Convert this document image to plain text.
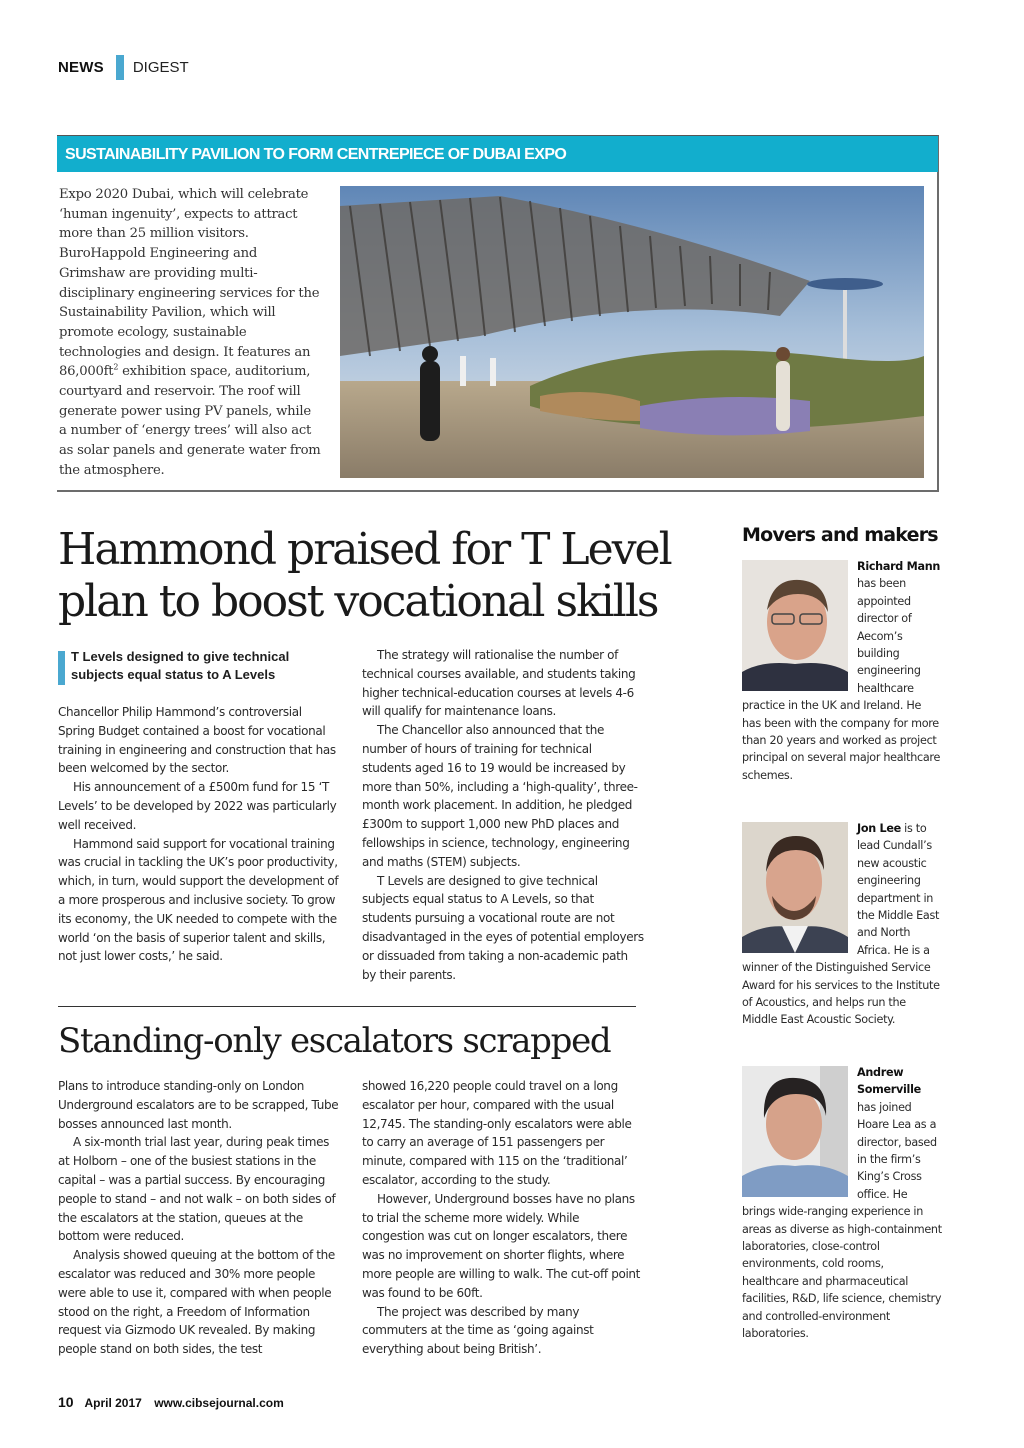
NEWS DIGEST
SUSTAINABILITY PAVILION TO FORM CENTREPIECE OF DUBAI EXPO
Expo 2020 Dubai, which will celebrate ‘human ingenuity’, expects to attract more than 25 million visitors. BuroHappold Engineering and Grimshaw are providing multi-disciplinary engineering services for the Sustainability Pavilion, which will promote ecology, sustainable technologies and design. It features an $86,000ft^2$ exhibition space, auditorium, courtyard and reservoir. The roof will generate power using PV panels, while a number of ‘energy trees’ will also act as solar panels and generate water from the atmosphere.
Hammond praised for T Level
plan to boost vocational skills
T Levels designed to give technical subjects equal status to A Levels

Chancellor Philip Hammond’s controversial Spring Budget contained a boost for vocational training in engineering and construction that has been welcomed by the sector.

His announcement of a £500m fund for 15 ‘T Levels’ to be developed by 2022 was particularly well received.

Hammond said support for vocational training was crucial in tackling the UK’s poor productivity, which, in turn, would support the development of a more prosperous and inclusive society. To grow its economy, the UK needed to compete with the world ‘on the basis of superior talent and skills, not just lower costs,’ he said.

The strategy will rationalise the number of technical courses available, and students taking higher technical-education courses at levels 4-6 will qualify for maintenance loans.

The Chancellor also announced that the number of hours of training for technical students aged 16 to 19 would be increased by more than 50%, including a ‘high-quality’, three-month work placement. In addition, he pledged £300m to support 1,000 new PhD places and fellowships in science, technology, engineering and maths (STEM) subjects.

T Levels are designed to give technical subjects equal status to A Levels, so that students pursuing a vocational route are not disadvantaged in the eyes of potential employers or dissuaded from taking a non-academic path by their parents.

Standing-only escalators scrapped

Plans to introduce standing-only on London Underground escalators are to be scrapped, Tube bosses announced last month.

A six-month trial last year, during peak times at Holborn – one of the busiest stations in the capital – was a partial success. By encouraging people to stand – and not walk – on both sides of the escalators at the station, queues at the bottom were reduced.

Analysis showed queuing at the bottom of the escalator was reduced and 30% more people were able to use it, compared with when people stood on the right, a Freedom of Information request via Gizmodo UK revealed. By making people stand on both sides, the test

showed 16,220 people could travel on a long escalator per hour, compared with the usual 12,745. The standing-only escalators were able to carry an average of 151 passengers per minute, compared with 115 on the ‘traditional’ escalator, according to the study.

However, Underground bosses have no plans to trial the scheme more widely. While congestion was cut on longer escalators, there was no improvement on shorter flights, where more people are willing to walk. The cut-off point was found to be 60ft.

The project was described by many commuters at the time as ‘going against everything about being British’.

Movers and makers
Richard Mann has been appointed director of Aecom’s building engineering healthcare practice in the UK and Ireland. He has been with the company for more than 20 years and worked as project principal on several major healthcare schemes.
Jon Lee is to lead Cundall’s new acoustic engineering department in the Middle East and North Africa. He is a winner of the Distinguished Service Award for his services to the Institute of Acoustics, and helps run the Middle East Acoustic Society.
Andrew Somerville has joined Hoare Lea as a director, based in the firm’s King’s Cross office. He brings wide-ranging experience in areas as diverse as high-containment laboratories, close-control environments, cold rooms, healthcare and pharmaceutical facilities, R&D, life science, chemistry and controlled-environment laboratories.
10 April 2017 www.cibsejournal.com
